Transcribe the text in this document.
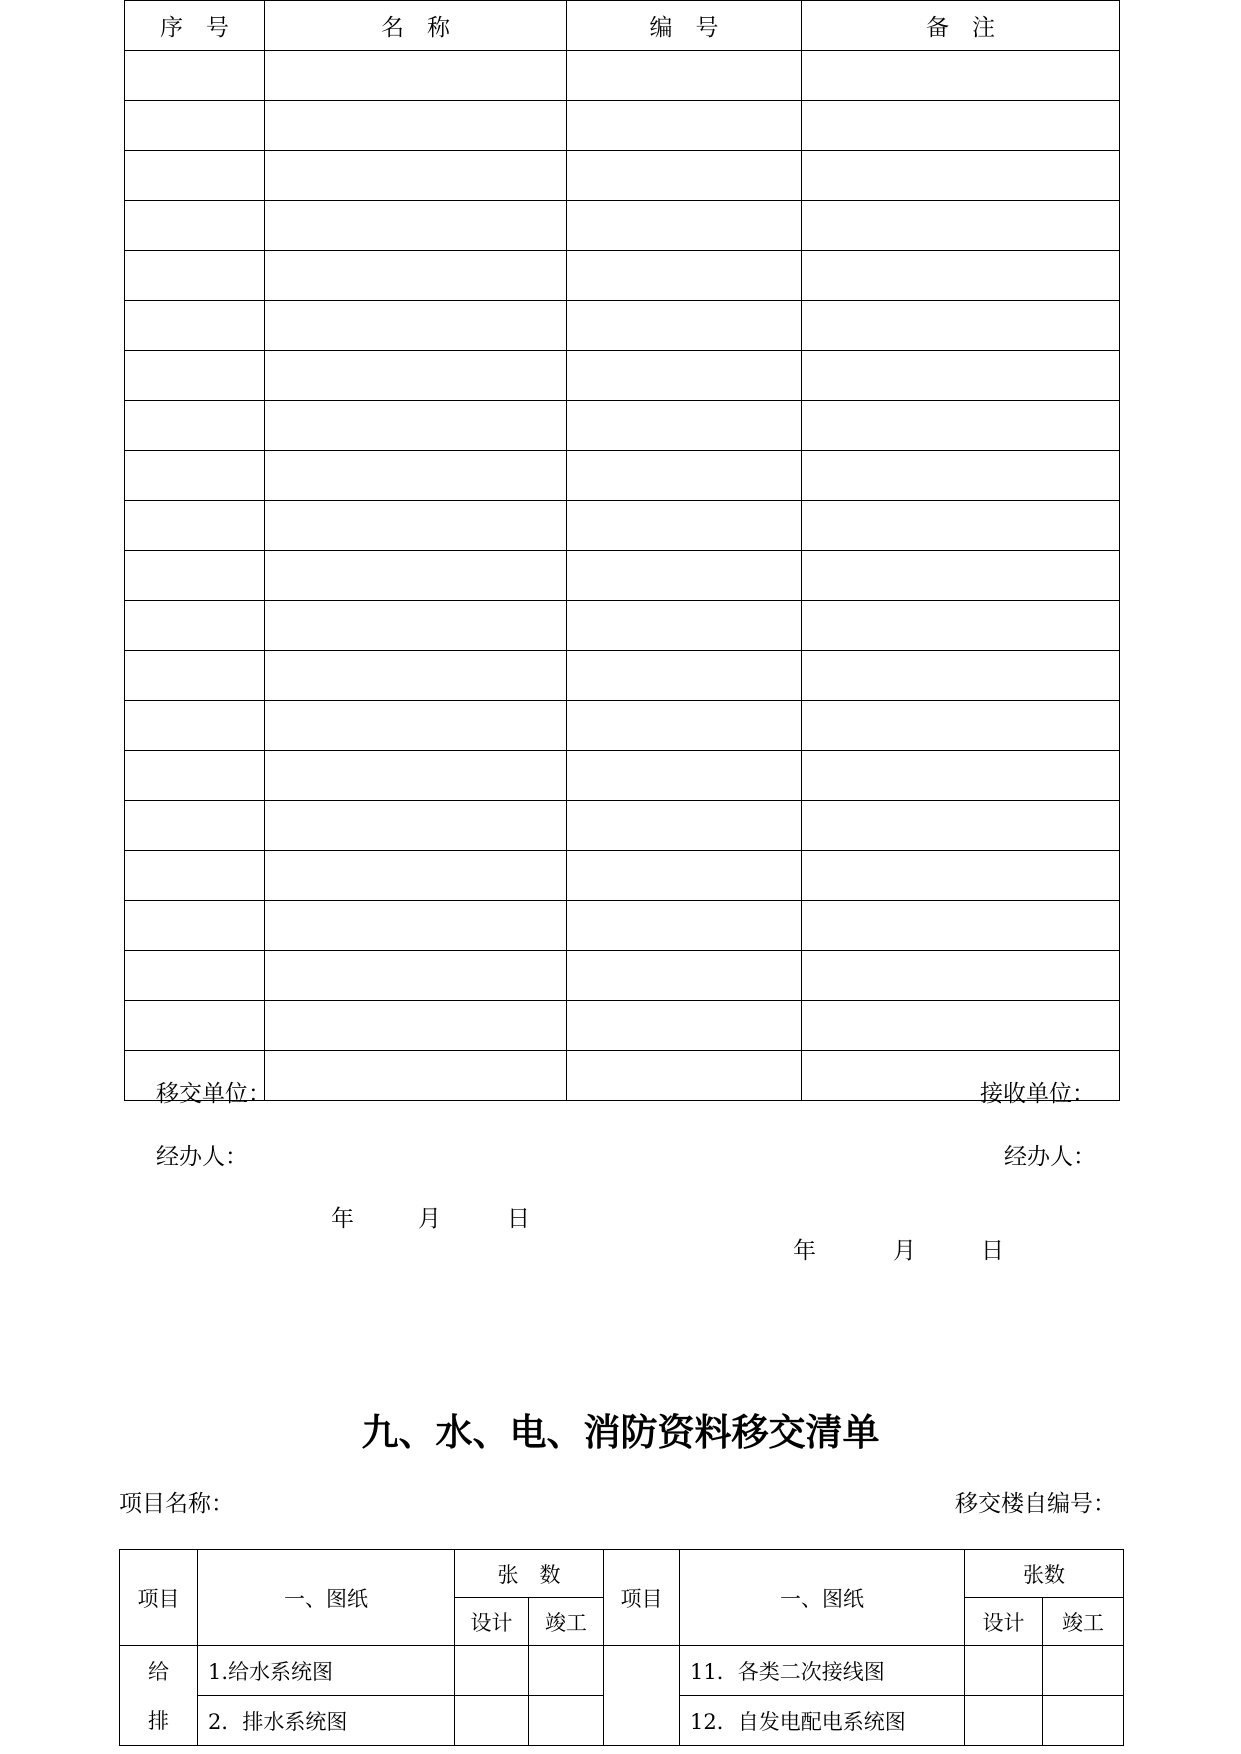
序　号	名　称	编　号	备　注

移交单位：	接收单位：
经办人：	经办人：
年	月	日
年	月	日
九、水、电、消防资料移交清单
项目名称：	移交楼自编号：
项目	一、图纸	张　数		项目	一、图纸	张数	
		设计	竣工			设计	竣工
给	1.给水系统图				11．各类二次接线图		
排	2．排水系统图				12．自发电配电系统图		
